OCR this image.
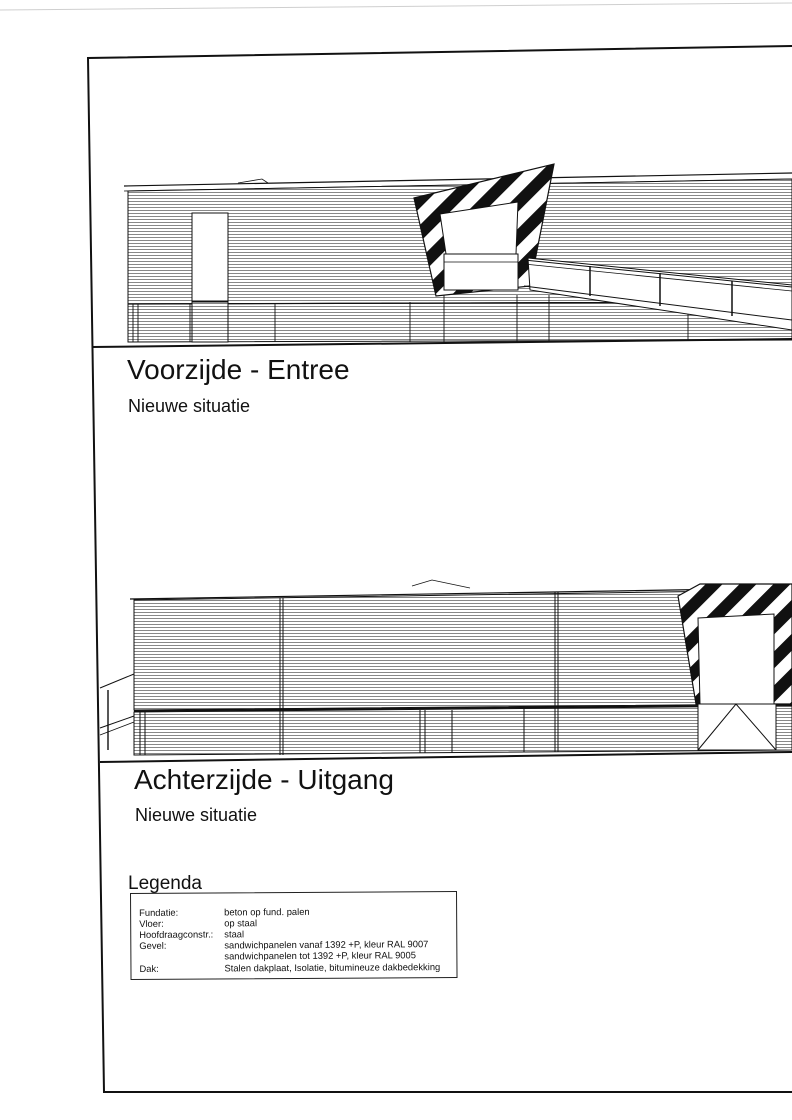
Voorzijde - Entree
Nieuwe situatie
Achterzijde - Uitgang
Nieuwe situatie
Legenda
Fundatie:	beton op fund. palen
Vloer:	op staal
Hoofdraagconstr.:	staal
Gevel:	sandwichpanelen vanaf 1392 +P, kleur RAL 9007
sandwichpanelen tot 1392 +P, kleur RAL 9005
Dak:	Stalen dakplaat, Isolatie, bitumineuze dakbedekking
